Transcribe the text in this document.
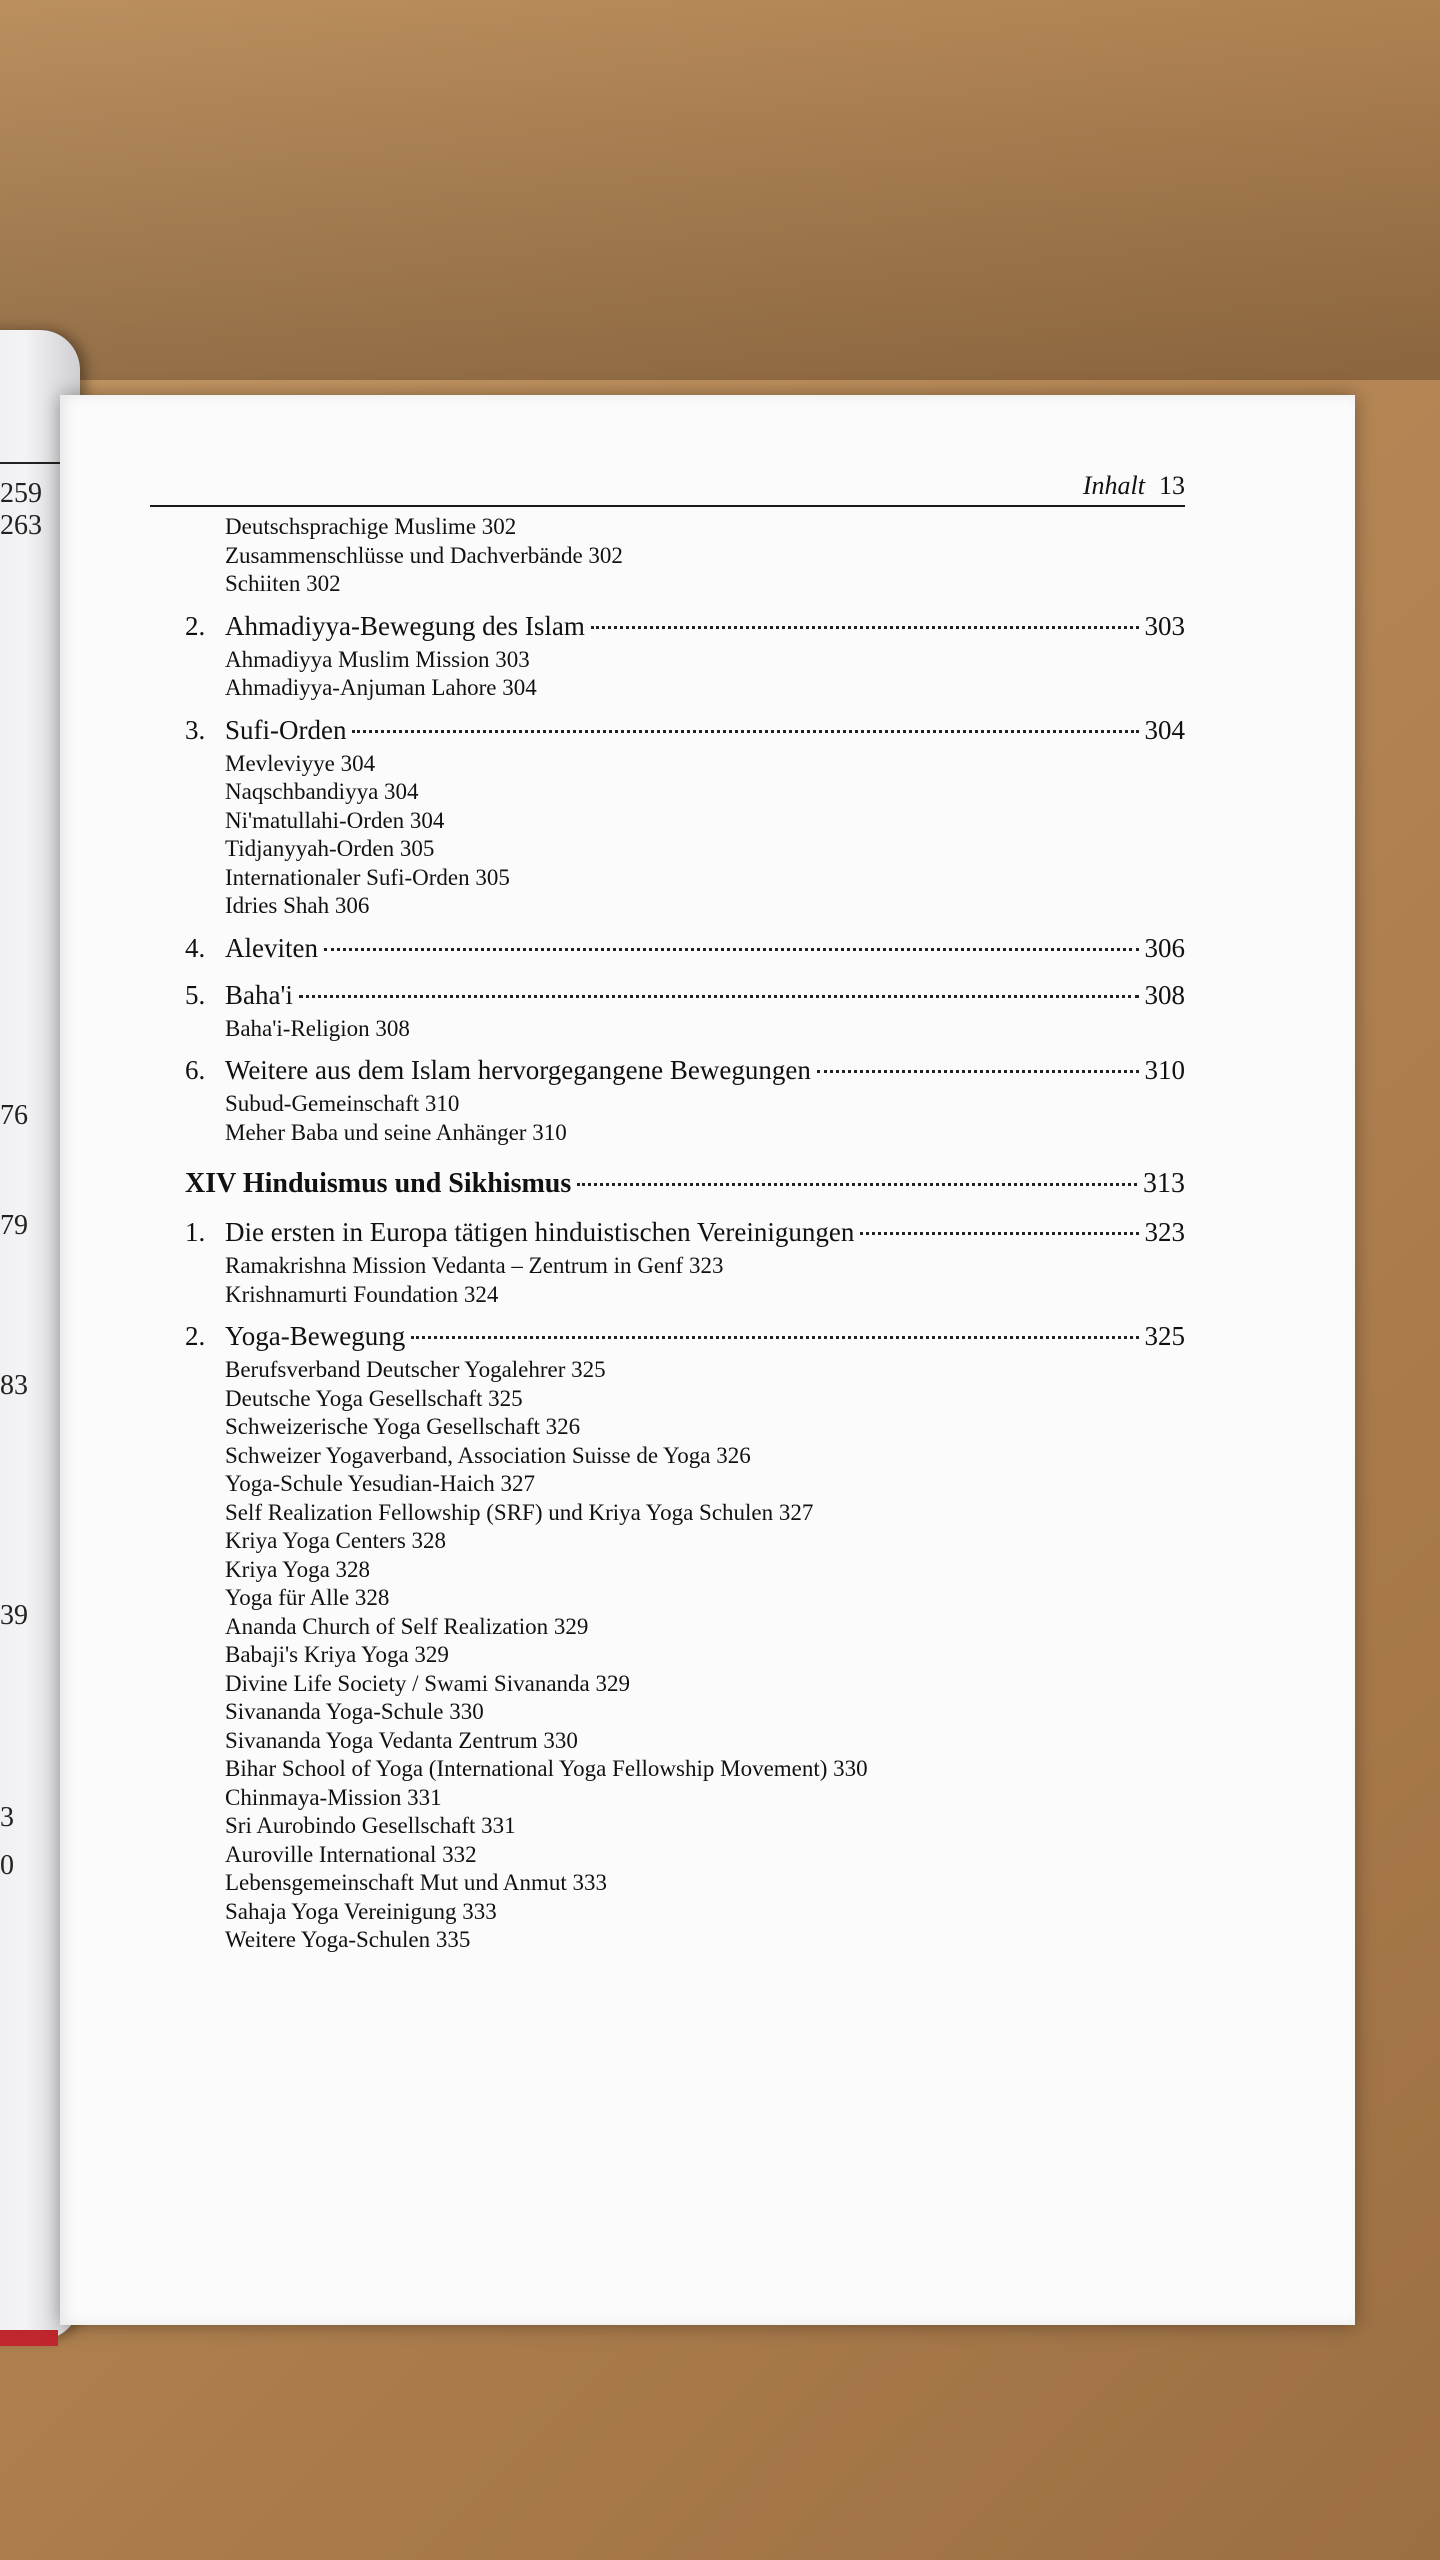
259
263
76
79
83
39
3
0
Inhalt 13
Deutschsprachige Muslime 302
Zusammenschlüsse und Dachverbände 302
Schiiten 302
2. Ahmadiyya-Bewegung des Islam	303
Ahmadiyya Muslim Mission 303
Ahmadiyya-Anjuman Lahore 304
3. Sufi-Orden	304
Mevleviyye 304
Naqschbandiyya 304
Ni'matullahi-Orden 304
Tidjanyyah-Orden 305
Internationaler Sufi-Orden 305
Idries Shah 306
4. Aleviten	306
5. Baha'i	308
Baha'i-Religion 308
6. Weitere aus dem Islam hervorgegangene Bewegungen	310
Subud-Gemeinschaft 310
Meher Baba und seine Anhänger 310
XIV Hinduismus und Sikhismus	313
1. Die ersten in Europa tätigen hinduistischen Vereinigungen	323
Ramakrishna Mission Vedanta – Zentrum in Genf 323
Krishnamurti Foundation 324
2. Yoga-Bewegung	325
Berufsverband Deutscher Yogalehrer 325
Deutsche Yoga Gesellschaft 325
Schweizerische Yoga Gesellschaft 326
Schweizer Yogaverband, Association Suisse de Yoga 326
Yoga-Schule Yesudian-Haich 327
Self Realization Fellowship (SRF) und Kriya Yoga Schulen 327
Kriya Yoga Centers 328
Kriya Yoga 328
Yoga für Alle 328
Ananda Church of Self Realization 329
Babaji's Kriya Yoga 329
Divine Life Society / Swami Sivananda 329
Sivananda Yoga-Schule 330
Sivananda Yoga Vedanta Zentrum 330
Bihar School of Yoga (International Yoga Fellowship Movement) 330
Chinmaya-Mission 331
Sri Aurobindo Gesellschaft 331
Auroville International 332
Lebensgemeinschaft Mut und Anmut 333
Sahaja Yoga Vereinigung 333
Weitere Yoga-Schulen 335
